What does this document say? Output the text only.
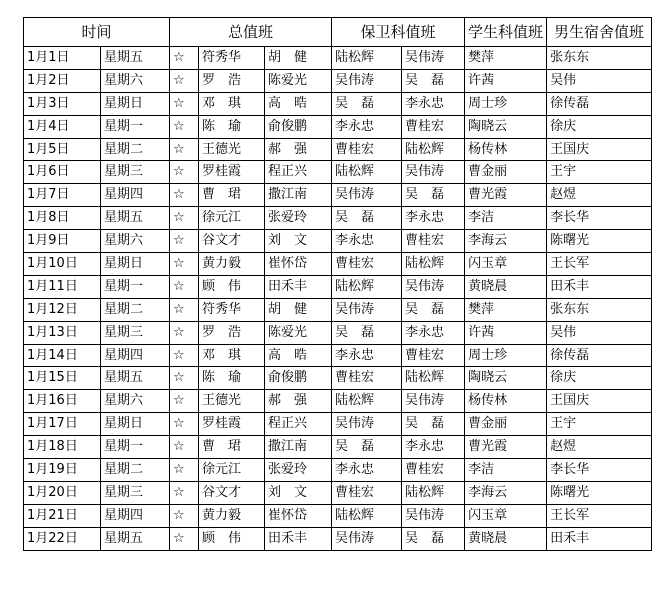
时间		总值班			保卫科值班		学生科值班	男生宿舍值班
1月1日	星期五	☆	符秀华	胡　健	陆松辉	吴伟涛	樊萍	张东东
1月2日	星期六	☆	罗　浩	陈爱光	吴伟涛	吴　磊	许茜	吴伟
1月3日	星期日	☆	邓　琪	高　晧	吴　磊	李永忠	周士珍	徐传磊
1月4日	星期一	☆	陈　瑜	俞俊鹏	李永忠	曹桂宏	陶晓云	徐庆
1月5日	星期二	☆	王德光	郝　强	曹桂宏	陆松辉	杨传林	王国庆
1月6日	星期三	☆	罗桂霞	程正兴	陆松辉	吴伟涛	曹金丽	王宇
1月7日	星期四	☆	曹　珺	撒江南	吴伟涛	吴　磊	曹光霞	赵煜
1月8日	星期五	☆	徐元江	张爱玲	吴　磊	李永忠	李洁	李长华
1月9日	星期六	☆	谷文才	刘　文	李永忠	曹桂宏	李海云	陈曙光
1月10日	星期日	☆	黄力毅	崔怀岱	曹桂宏	陆松辉	闪玉章	王长军
1月11日	星期一	☆	顾　伟	田禾丰	陆松辉	吴伟涛	黄晓晨	田禾丰
1月12日	星期二	☆	符秀华	胡　健	吴伟涛	吴　磊	樊萍	张东东
1月13日	星期三	☆	罗　浩	陈爱光	吴　磊	李永忠	许茜	吴伟
1月14日	星期四	☆	邓　琪	高　晧	李永忠	曹桂宏	周士珍	徐传磊
1月15日	星期五	☆	陈　瑜	俞俊鹏	曹桂宏	陆松辉	陶晓云	徐庆
1月16日	星期六	☆	王德光	郝　强	陆松辉	吴伟涛	杨传林	王国庆
1月17日	星期日	☆	罗桂霞	程正兴	吴伟涛	吴　磊	曹金丽	王宇
1月18日	星期一	☆	曹　珺	撒江南	吴　磊	李永忠	曹光霞	赵煜
1月19日	星期二	☆	徐元江	张爱玲	李永忠	曹桂宏	李洁	李长华
1月20日	星期三	☆	谷文才	刘　文	曹桂宏	陆松辉	李海云	陈曙光
1月21日	星期四	☆	黄力毅	崔怀岱	陆松辉	吴伟涛	闪玉章	王长军
1月22日	星期五	☆	顾　伟	田禾丰	吴伟涛	吴　磊	黄晓晨	田禾丰
